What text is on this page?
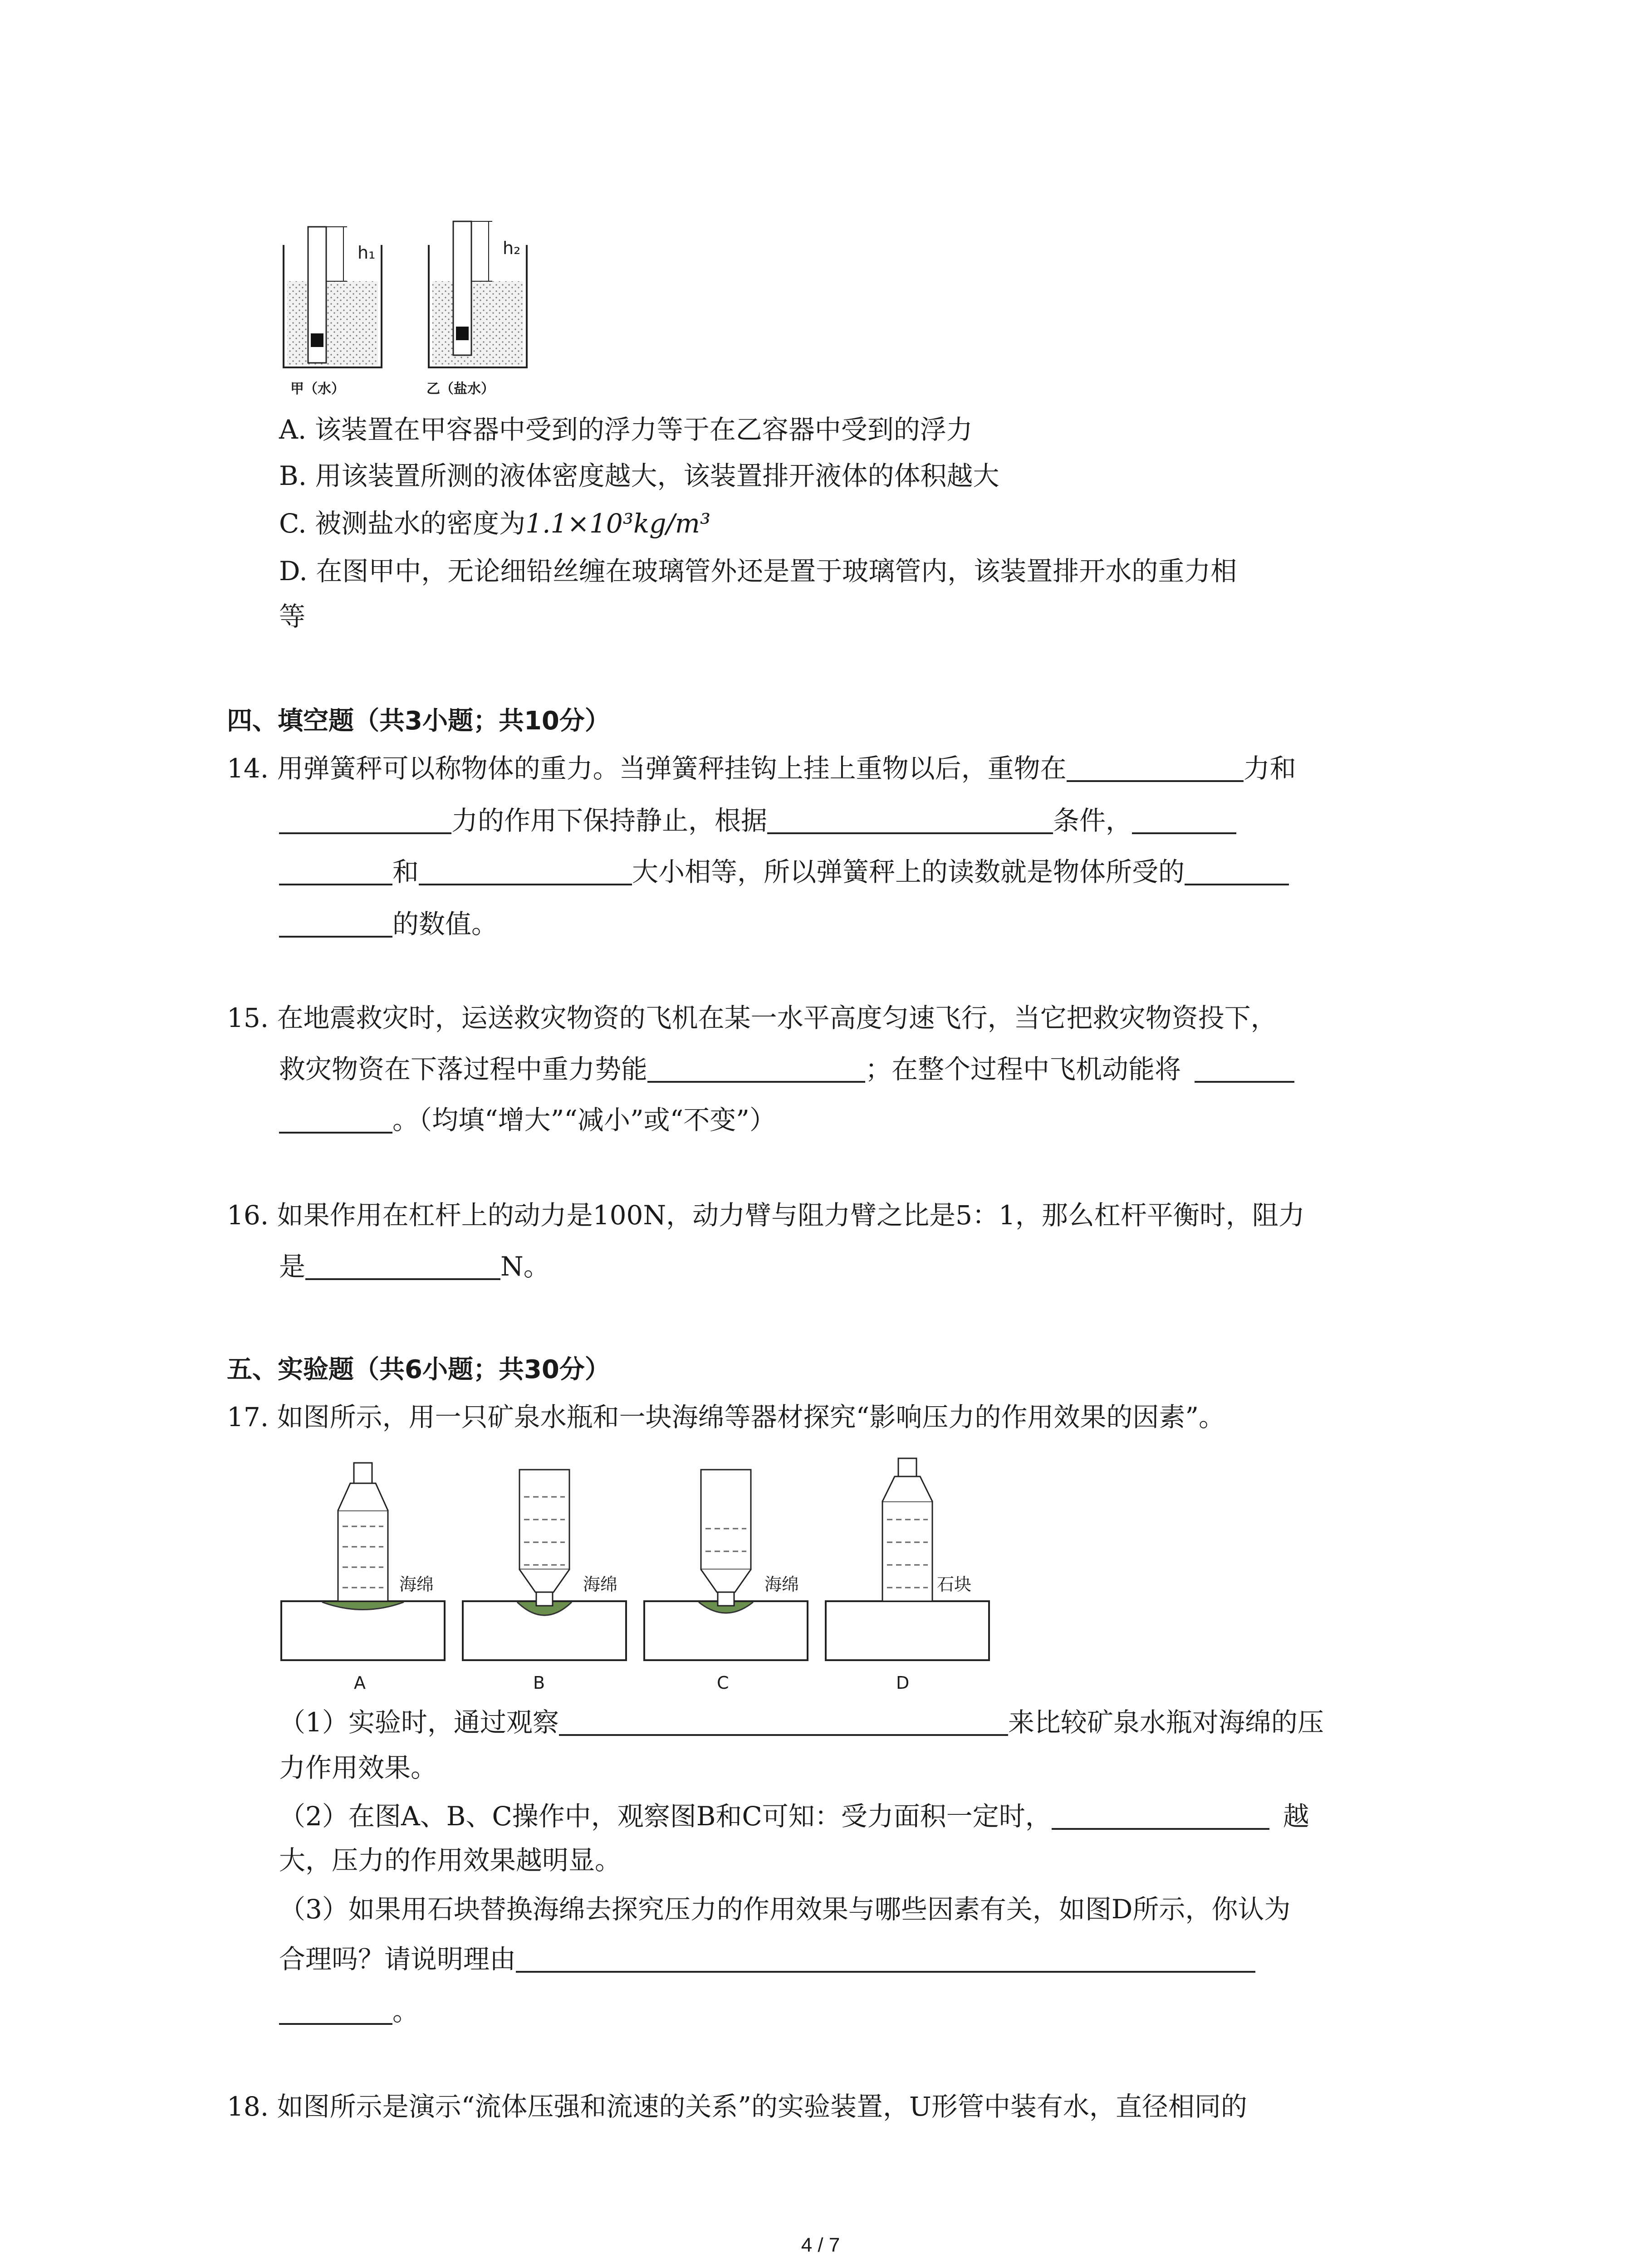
h₁	h₂
甲（水）	乙（盐水）
A. 该装置在甲容器中受到的浮力等于在乙容器中受到的浮力
B. 用该装置所测的液体密度越大，该装置排开液体的体积越大
C. 被测盐水的密度为1.1×10³kg/m³
D. 在图甲中，无论细铅丝缠在玻璃管外还是置于玻璃管内，该装置排开水的重力相
等
四、填空题（共3小题；共10分）
14. 用弹簧秤可以称物体的重力。当弹簧秤挂钩上挂上重物以后，重物在	力和
力的作用下保持静止，根据	条件，
和	大小相等，所以弹簧秤上的读数就是物体所受的
的数值。
15. 在地震救灾时，运送救灾物资的飞机在某一水平高度匀速飞行，当它把救灾物资投下，
救灾物资在下落过程中重力势能	；在整个过程中飞机动能将
。（均填“增大”“减小”或“不变”）
16. 如果作用在杠杆上的动力是100N，动力臂与阻力臂之比是5：1，那么杠杆平衡时，阻力
是	N。
五、实验题（共6小题；共30分）
17. 如图所示，用一只矿泉水瓶和一块海绵等器材探究“影响压力的作用效果的因素”。
海绵	海绵	海绵	石块
A	B	C	D
（1）实验时，通过观察	来比较矿泉水瓶对海绵的压
力作用效果。
（2）在图A、B、C操作中，观察图B和C可知：受力面积一定时，	越
大，压力的作用效果越明显。
（3）如果用石块替换海绵去探究压力的作用效果与哪些因素有关，如图D所示，你认为
合理吗？请说明理由
。
18. 如图所示是演示“流体压强和流速的关系”的实验装置，U形管中装有水，直径相同的
4 / 7
